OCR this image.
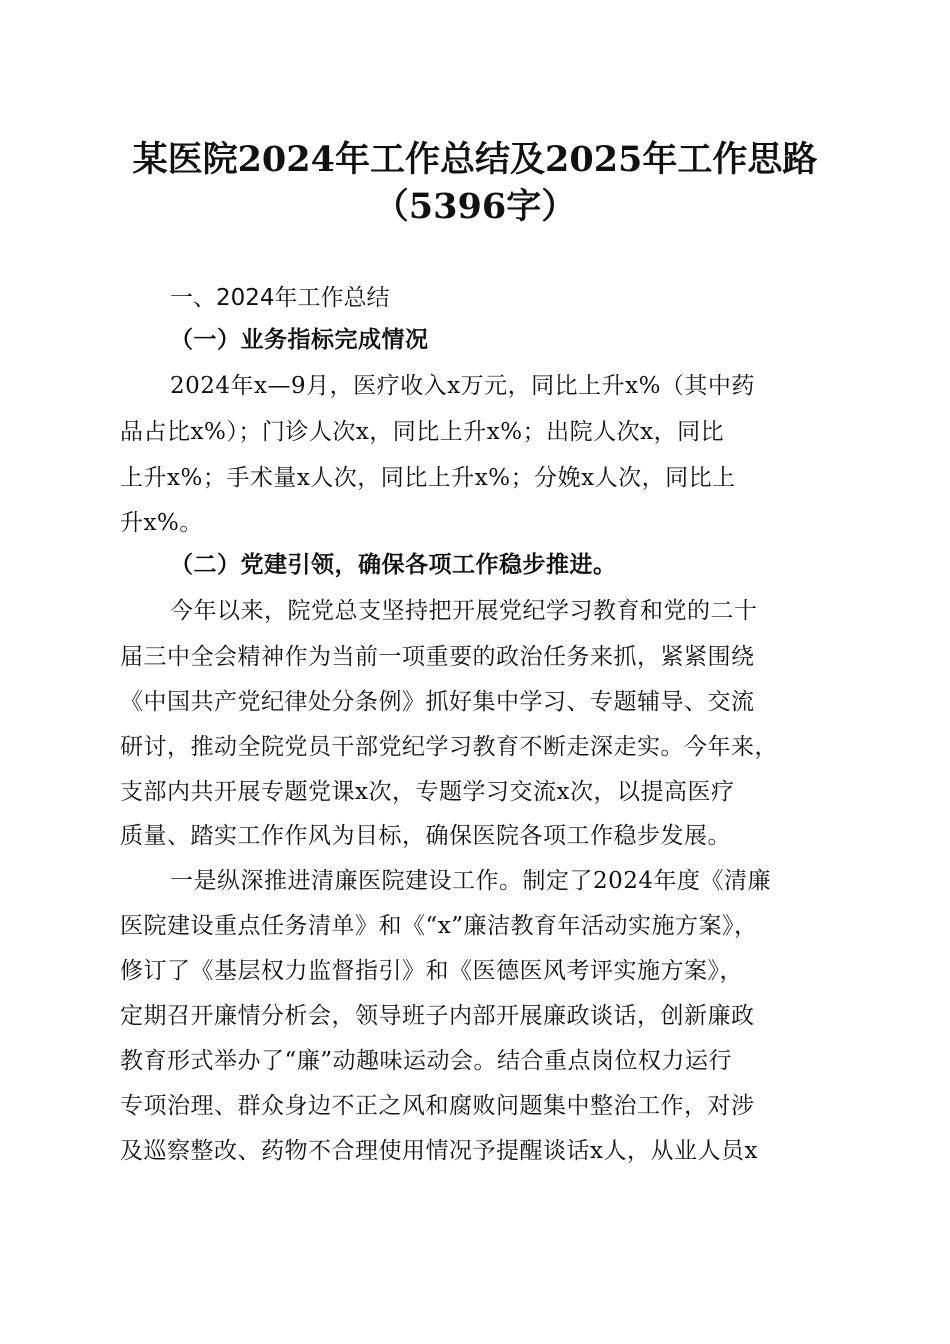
某医院2024年工作总结及2025年工作思路
（5396字）
一、2024年工作总结
（一）业务指标完成情况
2024年x—9月，医疗收入x万元，同比上升x%（其中药
品占比x%）；门诊人次x，同比上升x%；出院人次x，同比
上升x%；手术量x人次，同比上升x%；分娩x人次，同比上
升x%。
（二）党建引领，确保各项工作稳步推进。
今年以来，院党总支坚持把开展党纪学习教育和党的二十
届三中全会精神作为当前一项重要的政治任务来抓，紧紧围绕
《中国共产党纪律处分条例》抓好集中学习、专题辅导、交流
研讨，推动全院党员干部党纪学习教育不断走深走实。今年来，
支部内共开展专题党课x次，专题学习交流x次，以提高医疗
质量、踏实工作作风为目标，确保医院各项工作稳步发展。
一是纵深推进清廉医院建设工作。制定了2024年度《清廉
医院建设重点任务清单》和《“x”廉洁教育年活动实施方案》，
修订了《基层权力监督指引》和《医德医风考评实施方案》，
定期召开廉情分析会，领导班子内部开展廉政谈话，创新廉政
教育形式举办了“廉”动趣味运动会。结合重点岗位权力运行
专项治理、群众身边不正之风和腐败问题集中整治工作，对涉
及巡察整改、药物不合理使用情况予提醒谈话x人，从业人员x
